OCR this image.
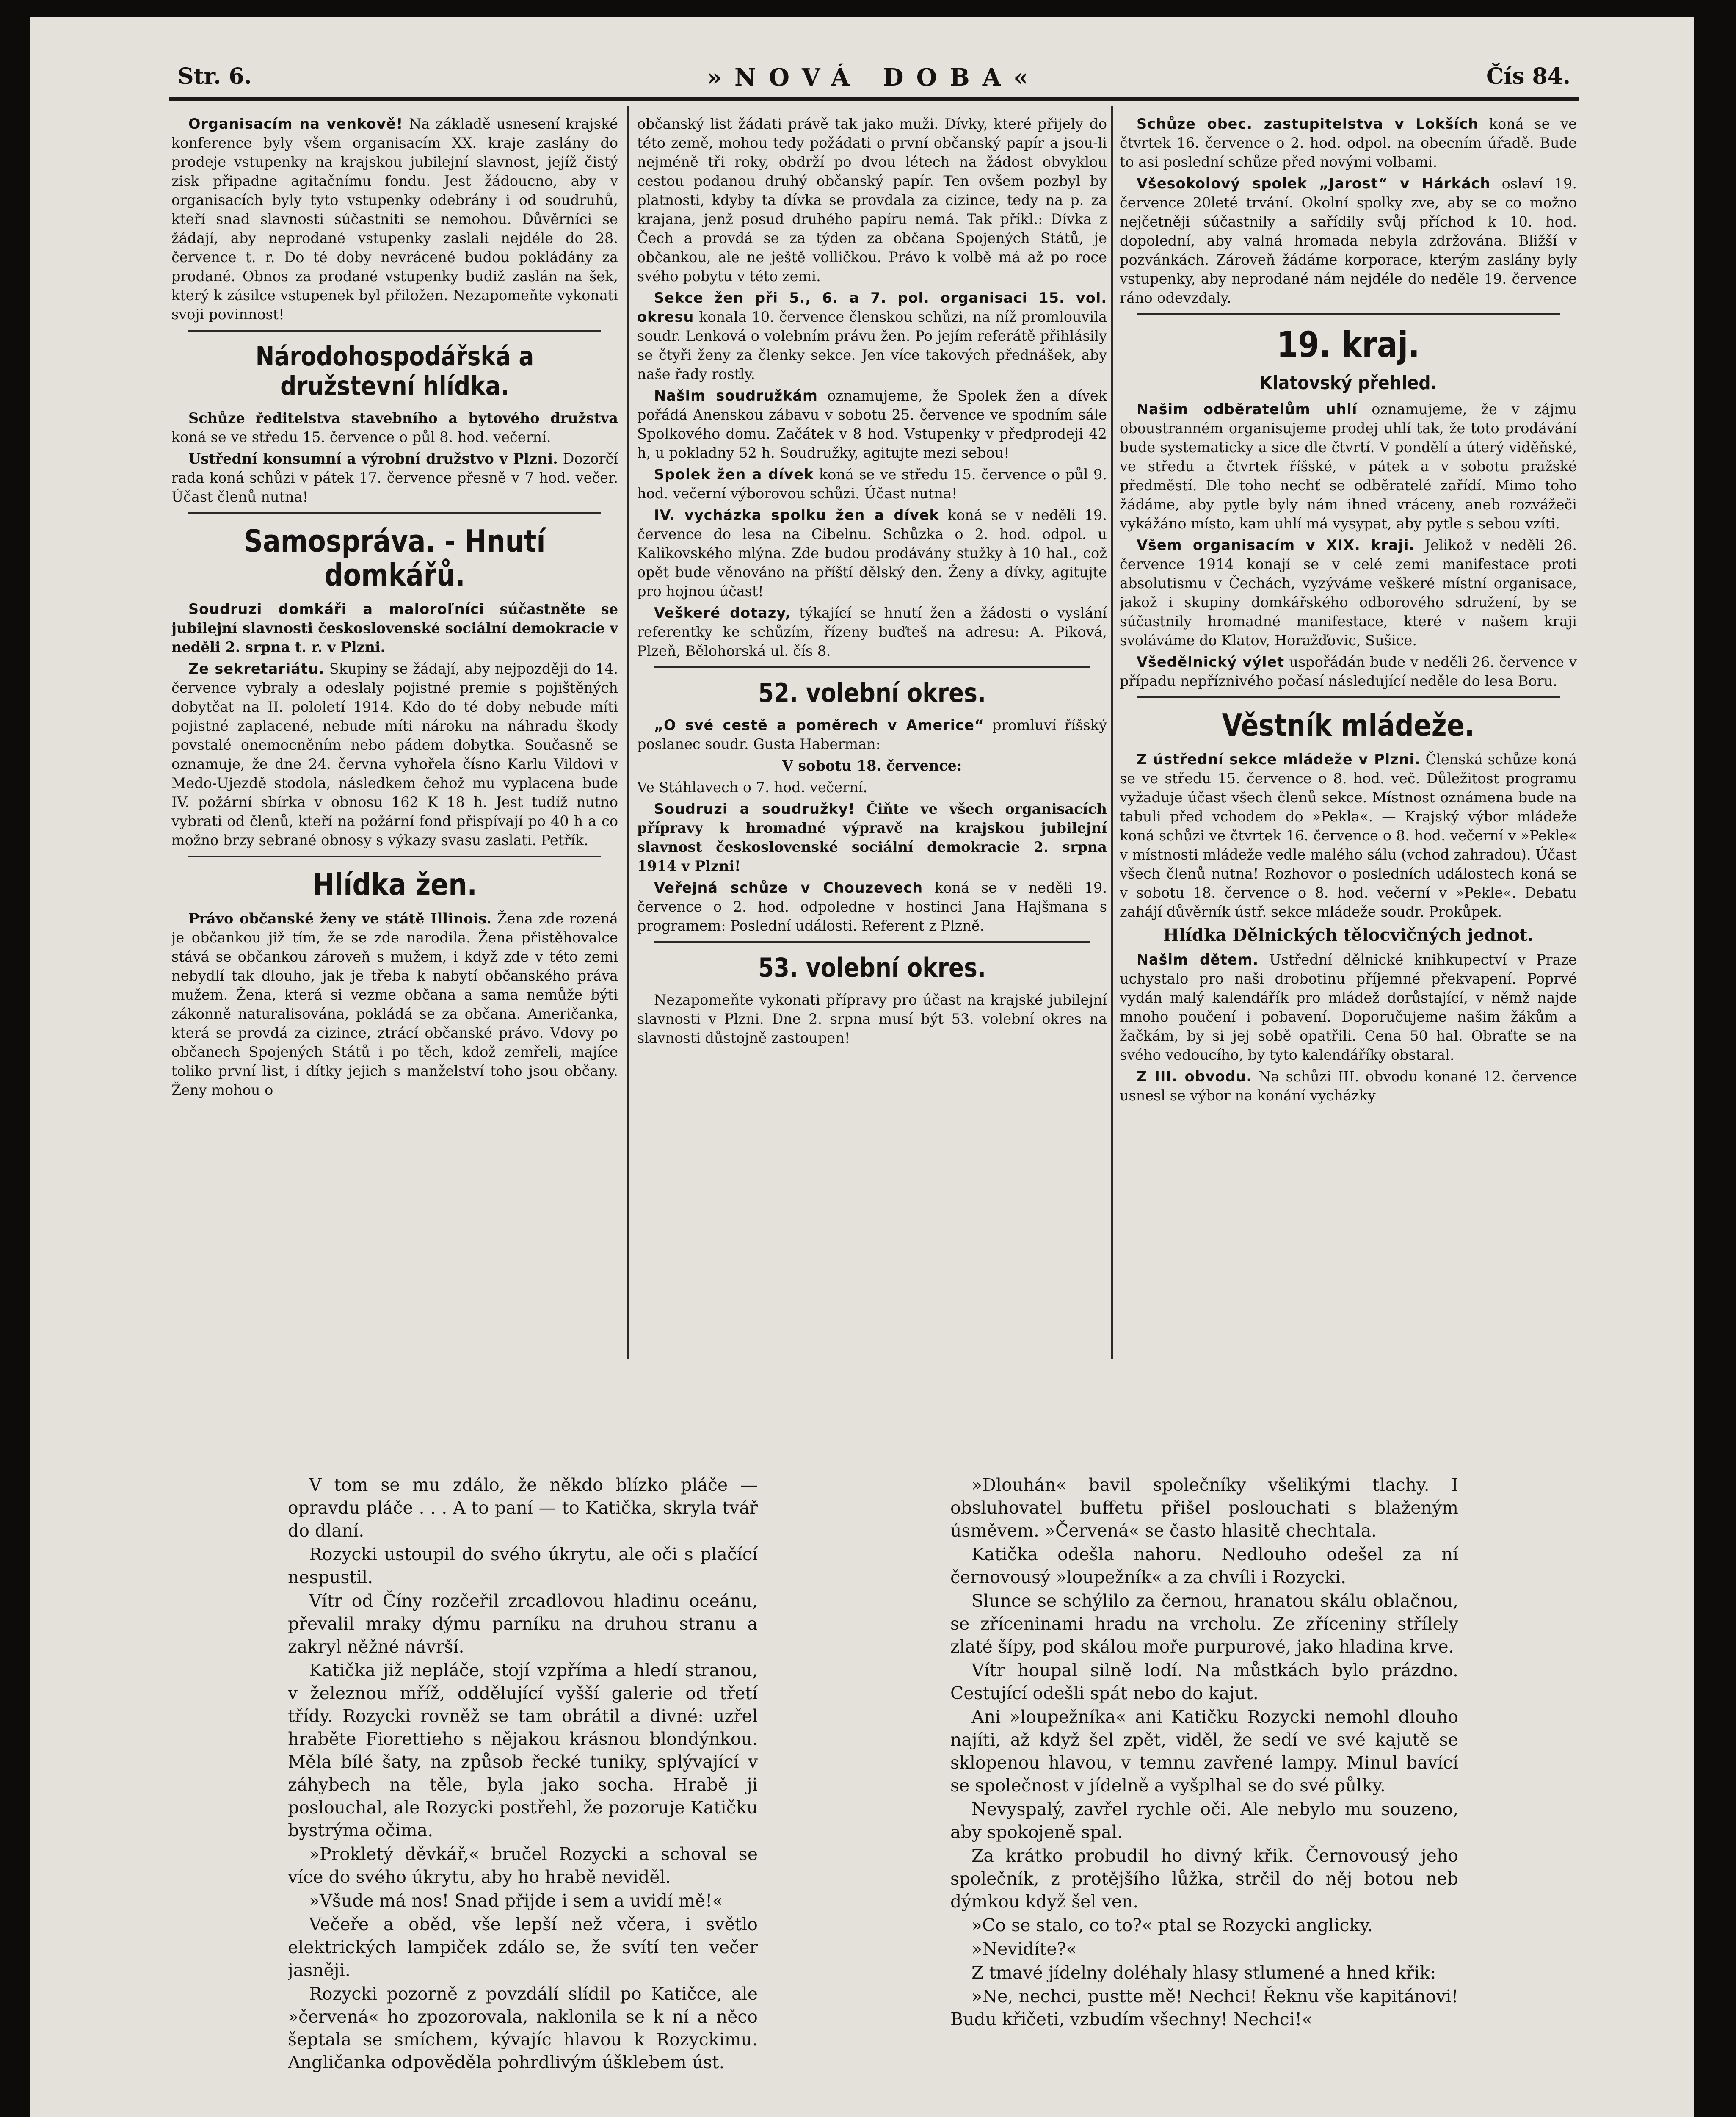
Str. 6.	»NOVÁ DOBA«	Čís 84.

Organisacím na venkově! Na základě usnesení krajské konference byly všem organisacím XX. kraje zaslány do prodeje vstupenky na krajskou jubilejní slavnost, jejíž čistý zisk připadne agitačnímu fondu. Jest žádoucno, aby v organisacích byly tyto vstupenky odebrány i od soudruhů, kteří snad slavnosti súčastniti se nemohou. Důvěrníci se žádají, aby neprodané vstupenky zaslali nejdéle do 28. července t. r. Do té doby nevrácené budou pokládány za prodané. Obnos za prodané vstupenky budiž zaslán na šek, který k zásilce vstupenek byl přiložen. Nezapomeňte vykonati svoji povinnost!

Národohospodářská a družstevní hlídka.

Schůze ředitelstva stavebního a bytového družstva koná se ve středu 15. července o půl 8. hod. večerní.

Ustřední konsumní a výrobní družstvo v Plzni. Dozorčí rada koná schůzi v pátek 17. července přesně v 7 hod. večer. Účast členů nutna!

Samospráva. - Hnutí domkářů.

Soudruzi domkáři a maloroľníci súčastněte se jubilejní slavnosti československé sociální demokracie v neděli 2. srpna t. r. v Plzni.

Ze sekretariátu. Skupiny se žádají, aby nejpozději do 14. července vybraly a odeslaly pojistné premie s pojištěných dobytčat na II. pololetí 1914. Kdo do té doby nebude míti pojistné zaplacené, nebude míti nároku na náhradu škody povstalé onemocněním nebo pádem dobytka. Současně se oznamuje, že dne 24. června vyhořela čísno Karlu Vildovi v Medo-Ujezdě stodola, následkem čehož mu vyplacena bude IV. požární sbírka v obnosu 162 K 18 h. Jest tudíž nutno vybrati od členů, kteří na požární fond přispívají po 40 h a co možno brzy sebrané obnosy s výkazy svasu zaslati. Petřík.

Hlídka žen.

Právo občanské ženy ve státě Illinois. Žena zde rozená je občankou již tím, že se zde narodila. Žena přistěhovalce stává se občankou zároveň s mužem, i když zde v této zemi nebydlí tak dlouho, jak je třeba k nabytí občanského práva mužem. Žena, která si vezme občana a sama nemůže býti zákonně naturalisována, pokládá se za občana. Američanka, která se provdá za cizince, ztrácí občanské právo. Vdovy po občanech Spojených Států i po těch, kdož zemřeli, majíce toliko první list, i dítky jejich s manželství toho jsou občany. Ženy mohou o

občanský list žádati právě tak jako muži. Dívky, které přijely do této země, mohou tedy požádati o první občanský papír a jsou-li nejméně tři roky, obdrží po dvou létech na žádost obvyklou cestou podanou druhý občanský papír. Ten ovšem pozbyl by platnosti, kdyby ta dívka se provdala za cizince, tedy na p. za krajana, jenž posud druhého papíru nemá. Tak příkl.: Dívka z Čech a provdá se za týden za občana Spojených Států, je občankou, ale ne ještě volličkou. Právo k volbě má až po roce svého pobytu v této zemi.

Sekce žen při 5., 6. a 7. pol. organisaci 15. vol. okresu konala 10. července členskou schůzi, na níž promlouvila soudr. Lenková o volebním právu žen. Po jejím referátě přihlásily se čtyři ženy za členky sekce. Jen více takových přednášek, aby naše řady rostly.

Našim soudružkám oznamujeme, že Spolek žen a dívek pořádá Anenskou zábavu v sobotu 25. července ve spodním sále Spolkového domu. Začátek v 8 hod. Vstupenky v předprodeji 42 h, u pokladny 52 h. Soudružky, agitujte mezi sebou!

Spolek žen a dívek koná se ve středu 15. července o půl 9. hod. večerní výborovou schůzi. Účast nutna!

IV. vycházka spolku žen a dívek koná se v neděli 19. července do lesa na Cibelnu. Schůzka o 2. hod. odpol. u Kalikovského mlýna. Zde budou prodávány stužky à 10 hal., což opět bude věnováno na příští dělský den. Ženy a dívky, agitujte pro hojnou účast!

Veškeré dotazy, týkající se hnutí žen a žádosti o vyslání referentky ke schůzím, řízeny buďteš na adresu: A. Piková, Plzeň, Bělohorská ul. čís 8.

52. volební okres.

„O své cestě a poměrech v Americe“ promluví říšský poslanec soudr. Gusta Haberman:

V sobotu 18. července:

Ve Stáhlavech o 7. hod. večerní.

Soudruzi a soudružky! Čiňte ve všech organisacích přípravy k hromadné výpravě na krajskou jubilejní slavnost československé sociální demokracie 2. srpna 1914 v Plzni!

Veřejná schůze v Chouzevech koná se v neděli 19. července o 2. hod. odpoledne v hostinci Jana Hajšmana s programem: Poslední události. Referent z Plzně.

53. volební okres.

Nezapomeňte vykonati přípravy pro účast na krajské jubilejní slavnosti v Plzni. Dne 2. srpna musí být 53. volební okres na slavnosti důstojně zastoupen!

Schůze obec. zastupitelstva v Lokších koná se ve čtvrtek 16. července o 2. hod. odpol. na obecním úřadě. Bude to asi poslední schůze před novými volbami.

Všesokolový spolek „Jarost“ v Hárkách oslaví 19. července 20leté trvání. Okolní spolky zve, aby se co možno nejčetněji súčastnily a sařídily svůj příchod k 10. hod. dopolední, aby valná hromada nebyla zdržována. Bližší v pozvánkách. Zároveň žádáme korporace, kterým zaslány byly vstupenky, aby neprodané nám nejdéle do neděle 19. července ráno odevzdaly.

19. kraj.
Klatovský přehled.

Našim odběratelům uhlí oznamujeme, že v zájmu oboustranném organisujeme prodej uhlí tak, že toto prodávání bude systematicky a sice dle čtvrtí. V pondělí a úterý viděňské, ve středu a čtvrtek říšské, v pátek a v sobotu pražské předměstí. Dle toho nechť se odběratelé zařídí. Mimo toho žádáme, aby pytle byly nám ihned vráceny, aneb rozvážeči vykážáno místo, kam uhlí má vysypat, aby pytle s sebou vzíti.

Všem organisacím v XIX. kraji. Jelikož v neděli 26. července 1914 konají se v celé zemi manifestace proti absolutismu v Čechách, vyzýváme veškeré místní organisace, jakož i skupiny domkářského odborového sdružení, by se súčastnily hromadné manifestace, které v našem kraji svoláváme do Klatov, Horažďovic, Sušice.

Všedělnický výlet uspořádán bude v neděli 26. července v případu nepříznivého počasí následující neděle do lesa Boru.

Věstník mládeže.

Z ústřední sekce mládeže v Plzni. Členská schůze koná se ve středu 15. července o 8. hod. več. Důležitost programu vyžaduje účast všech členů sekce. Místnost oznámena bude na tabuli před vchodem do »Pekla«. — Krajský výbor mládeže koná schůzi ve čtvrtek 16. července o 8. hod. večerní v »Pekle« v místnosti mládeže vedle malého sálu (vchod zahradou). Účast všech členů nutna! Rozhovor o posledních událostech koná se v sobotu 18. července o 8. hod. večerní v »Pekle«. Debatu zahájí důvěrník ústř. sekce mládeže soudr. Prokůpek.

Hlídka Dělnických tělocvičných jednot.

Našim dětem. Ustřední dělnické knihkupectví v Praze uchystalo pro naši drobotinu příjemné překvapení. Poprvé vydán malý kalendářík pro mládež dorůstající, v němž najde mnoho poučení i pobavení. Doporučujeme našim žákům a žačkám, by si jej sobě opatřili. Cena 50 hal. Obraťte se na svého vedoucího, by tyto kalendáříky obstaral.

Z III. obvodu. Na schůzi III. obvodu konané 12. července usnesl se výbor na konání vycházky

V tom se mu zdálo, že někdo blízko pláče — opravdu pláče . . . A to paní — to Katička, skryla tvář do dlaní.

Rozycki ustoupil do svého úkrytu, ale oči s plačící nespustil.

Vítr od Číny rozčeřil zrcadlovou hladinu oceánu, převalil mraky dýmu parníku na druhou stranu a zakryl něžné návrší.

Katička již nepláče, stojí vzpříma a hledí stranou, v železnou mříž, oddělující vyšší galerie od třetí třídy. Rozycki rovněž se tam obrátil a divné: uzřel hraběte Fiorettieho s nějakou krásnou blondýnkou. Měla bílé šaty, na způsob řecké tuniky, splývající v záhybech na těle, byla jako socha. Hrabě ji poslouchal, ale Rozycki postřehl, že pozoruje Katičku bystrýma očima.

»Prokletý děvkář,« bručel Rozycki a schoval se více do svého úkrytu, aby ho hrabě neviděl.

»Všude má nos! Snad přijde i sem a uvidí mě!«

Večeře a oběd, vše lepší než včera, i světlo elektrických lampiček zdálo se, že svítí ten večer jasněji.

Rozycki pozorně z povzdálí slídil po Katičce, ale »červená« ho zpozorovala, naklonila se k ní a něco šeptala se smíchem, kývajíc hlavou k Rozyckimu. Angličanka odpověděla pohrdlivým úšklebem úst.

»Dlouhán« bavil společníky všelikými tlachy. I obsluhovatel buffetu přišel poslouchati s blaženým úsměvem. »Červená« se často hlasitě chechtala.

Katička odešla nahoru. Nedlouho odešel za ní černovousý »loupežník« a za chvíli i Rozycki.

Slunce se schýlilo za černou, hranatou skálu oblačnou, se zříceninami hradu na vrcholu. Ze zříceniny střílely zlaté šípy, pod skálou moře purpurové, jako hladina krve.

Vítr houpal silně lodí. Na můstkách bylo prázdno. Cestující odešli spát nebo do kajut.

Ani »loupežníka« ani Katičku Rozycki nemohl dlouho najíti, až když šel zpět, viděl, že sedí ve své kajutě se sklopenou hlavou, v temnu zavřené lampy. Minul bavící se společnost v jídelně a vyšplhal se do své půlky.

Nevyspalý, zavřel rychle oči. Ale nebylo mu souzeno, aby spokojeně spal.

Za krátko probudil ho divný křik. Černovousý jeho společník, z protějšího lůžka, strčil do něj botou neb dýmkou když šel ven.

»Co se stalo, co to?« ptal se Rozycki anglicky.

»Nevidíte?«

Z tmavé jídelny doléhaly hlasy stlumené a hned křik:

»Ne, nechci, pustte mě! Nechci! Řeknu vše kapitánovi! Budu křičeti, vzbudím všechny! Nechci!«
